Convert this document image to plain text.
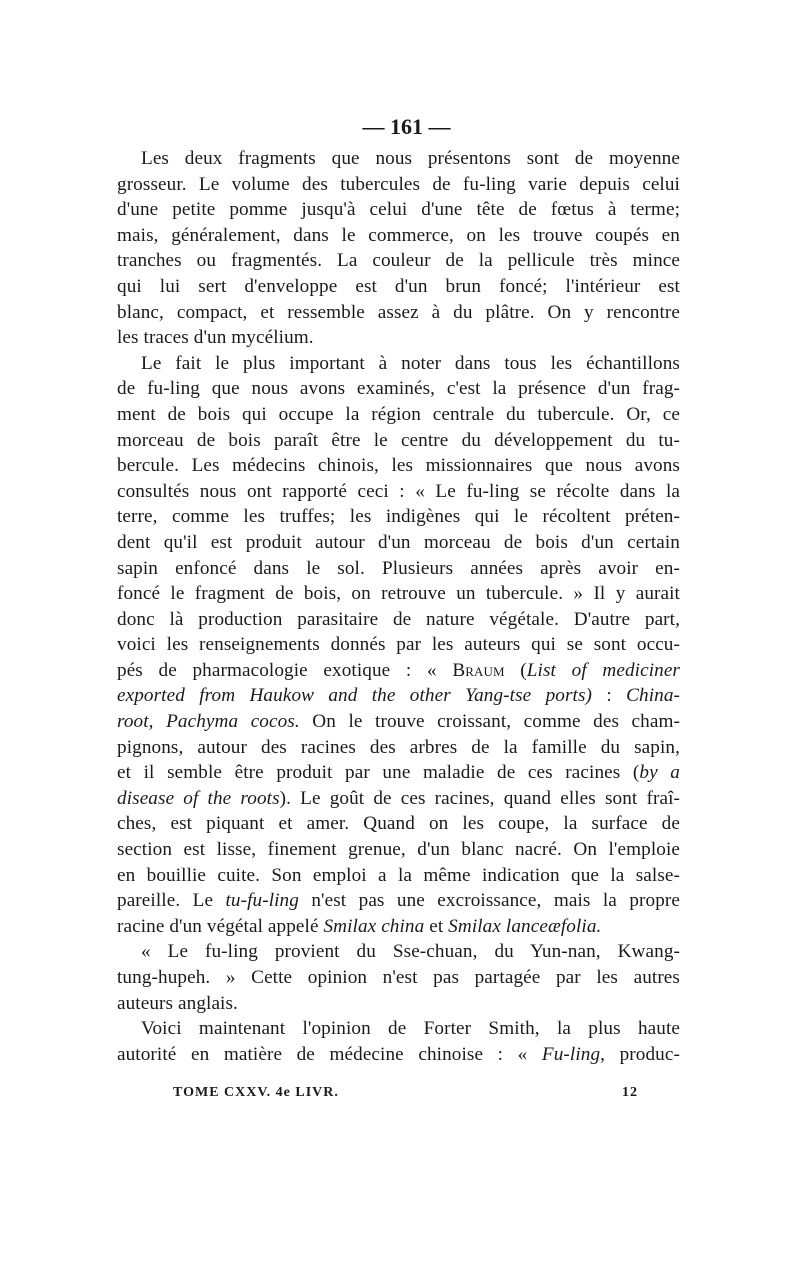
— 161 —
Les deux fragments que nous présentons sont de moyenne
grosseur. Le volume des tubercules de fu-ling varie depuis celui
d'une petite pomme jusqu'à celui d'une tête de fœtus à terme;
mais, généralement, dans le commerce, on les trouve coupés en
tranches ou fragmentés. La couleur de la pellicule très mince
qui lui sert d'enveloppe est d'un brun foncé; l'intérieur est
blanc, compact, et ressemble assez à du plâtre. On y rencontre
les traces d'un mycélium.
Le fait le plus important à noter dans tous les échantillons
de fu-ling que nous avons examinés, c'est la présence d'un frag-
ment de bois qui occupe la région centrale du tubercule. Or, ce
morceau de bois paraît être le centre du développement du tu-
bercule. Les médecins chinois, les missionnaires que nous avons
consultés nous ont rapporté ceci : « Le fu-ling se récolte dans la
terre, comme les truffes; les indigènes qui le récoltent préten-
dent qu'il est produit autour d'un morceau de bois d'un certain
sapin enfoncé dans le sol. Plusieurs années après avoir en-
foncé le fragment de bois, on retrouve un tubercule. » Il y aurait
donc là production parasitaire de nature végétale. D'autre part,
voici les renseignements donnés par les auteurs qui se sont occu-
pés de pharmacologie exotique : « Braum (List of mediciner
exported from Haukow and the other Yang-tse ports) : China-
root, Pachyma cocos. On le trouve croissant, comme des cham-
pignons, autour des racines des arbres de la famille du sapin,
et il semble être produit par une maladie de ces racines (by a
disease of the roots). Le goût de ces racines, quand elles sont fraî-
ches, est piquant et amer. Quand on les coupe, la surface de
section est lisse, finement grenue, d'un blanc nacré. On l'emploie
en bouillie cuite. Son emploi a la même indication que la salse-
pareille. Le tu-fu-ling n'est pas une excroissance, mais la propre
racine d'un végétal appelé Smilax china et Smilax lanceæfolia.
« Le fu-ling provient du Sse-chuan, du Yun-nan, Kwang-
tung-hupeh. » Cette opinion n'est pas partagée par les autres
auteurs anglais.
Voici maintenant l'opinion de Forter Smith, la plus haute
autorité en matière de médecine chinoise : « Fu-ling, produc-
TOME CXXV. 4e LIVR.	12
